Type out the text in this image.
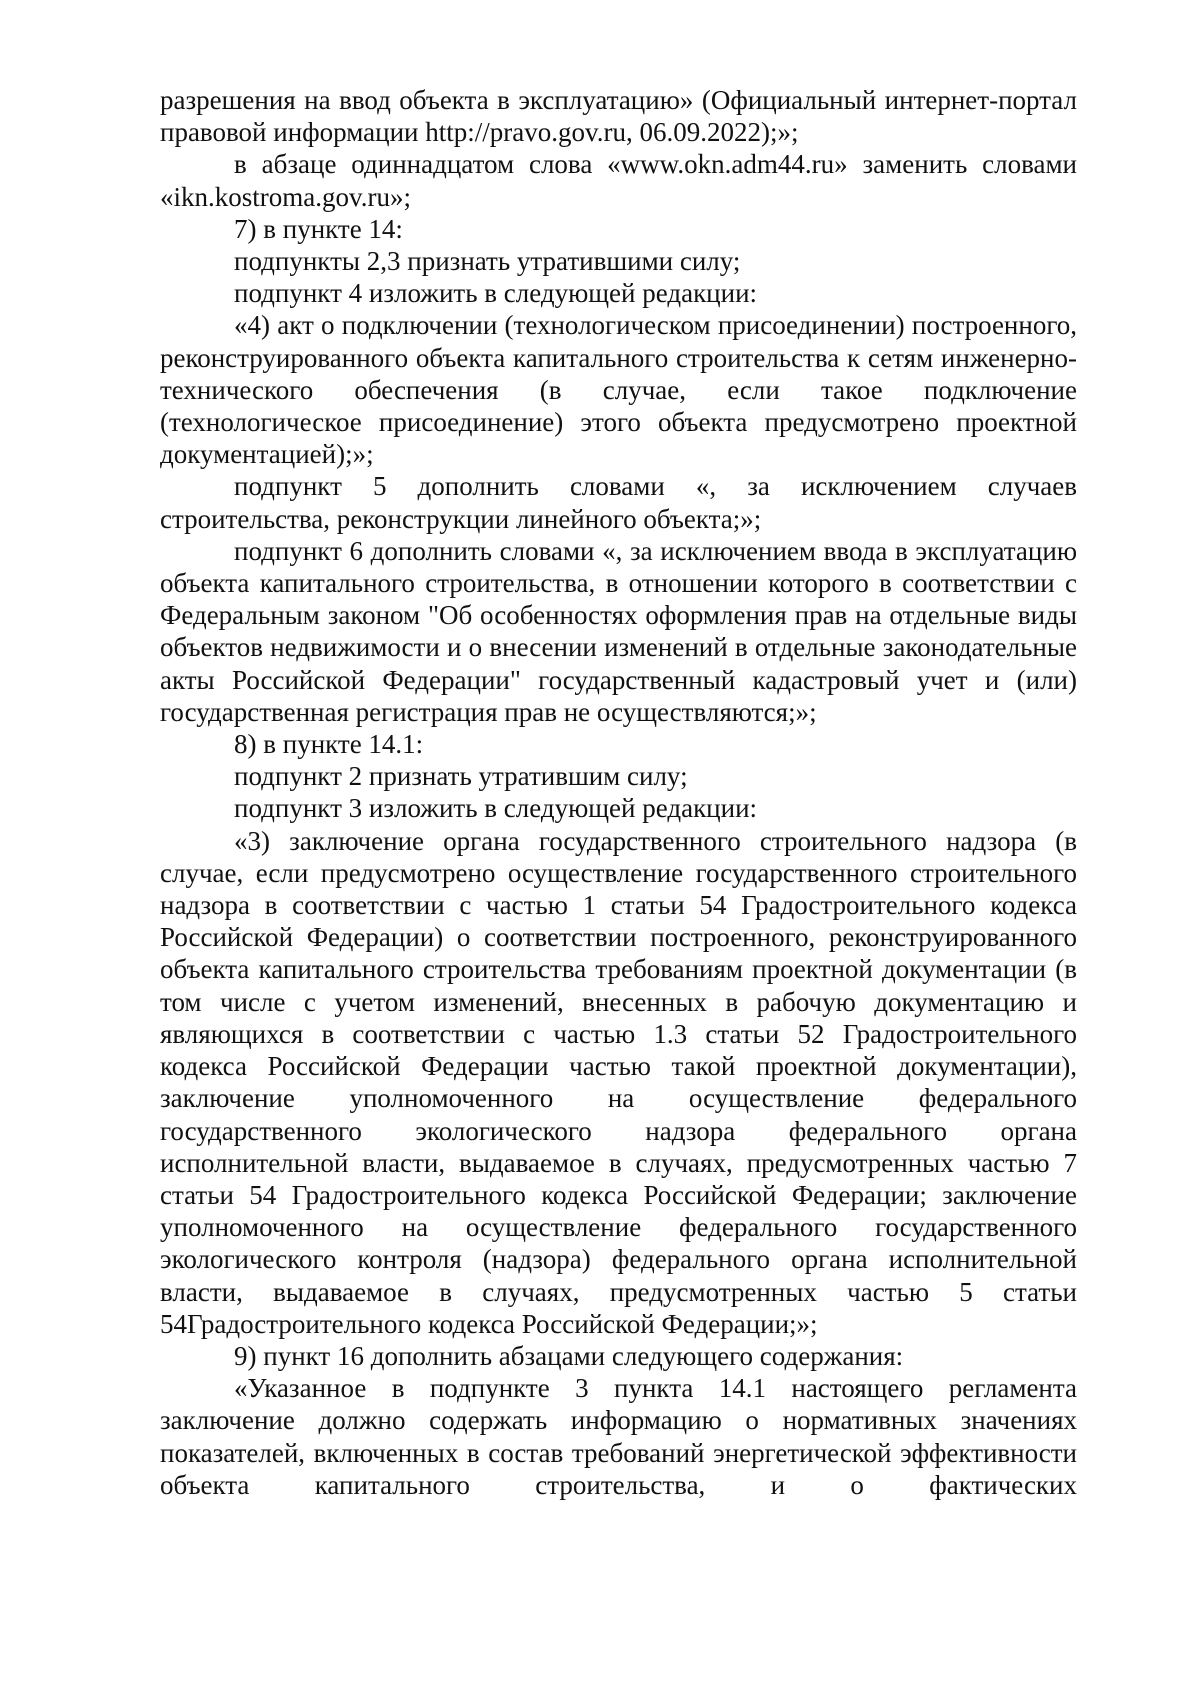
разрешения на ввод объекта в эксплуатацию» (Официальный интернет-портал правовой информации http://pravo.gov.ru, 06.09.2022);»;

в абзаце одиннадцатом слова «www.okn.adm44.ru» заменить словами «ikn.kostroma.gov.ru»;

7) в пункте 14:

подпункты 2,3 признать утратившими силу;

подпункт 4 изложить в следующей редакции:

«4) акт о подключении (технологическом присоединении) построенного, реконструированного объекта капитального строительства к сетям инженерно-технического обеспечения (в случае, если такое подключение (технологическое присоединение) этого объекта предусмотрено проектной документацией);»;

подпункт 5 дополнить словами «, за исключением случаев строительства, реконструкции линейного объекта;»;

подпункт 6 дополнить словами «, за исключением ввода в эксплуатацию объекта капитального строительства, в отношении которого в соответствии с Федеральным законом "Об особенностях оформления прав на отдельные виды объектов недвижимости и о внесении изменений в отдельные законодательные акты Российской Федерации" государственный кадастровый учет и (или) государственная регистрация прав не осуществляются;»;

8) в пункте 14.1:

подпункт 2 признать утратившим силу;

подпункт 3 изложить в следующей редакции:

«3) заключение органа государственного строительного надзора (в случае, если предусмотрено осуществление государственного строительного надзора в соответствии с частью 1 статьи 54 Градостроительного кодекса Российской Федерации) о соответствии построенного, реконструированного объекта капитального строительства требованиям проектной документации (в том числе с учетом изменений, внесенных в рабочую документацию и являющихся в соответствии с частью 1.3 статьи 52 Градостроительного кодекса Российской Федерации частью такой проектной документации), заключение уполномоченного на осуществление федерального государственного экологического надзора федерального органа исполнительной власти, выдаваемое в случаях, предусмотренных частью 7 статьи 54 Градостроительного кодекса Российской Федерации; заключение уполномоченного на осуществление федерального государственного экологического контроля (надзора) федерального органа исполнительной власти, выдаваемое в случаях, предусмотренных частью 5 статьи 54Градостроительного кодекса Российской Федерации;»;

9) пункт 16 дополнить абзацами следующего содержания:

«Указанное в подпункте 3 пункта 14.1 настоящего регламента заключение должно содержать информацию о нормативных значениях показателей, включенных в состав требований энергетической эффективности объекта капитального строительства, и о фактических
